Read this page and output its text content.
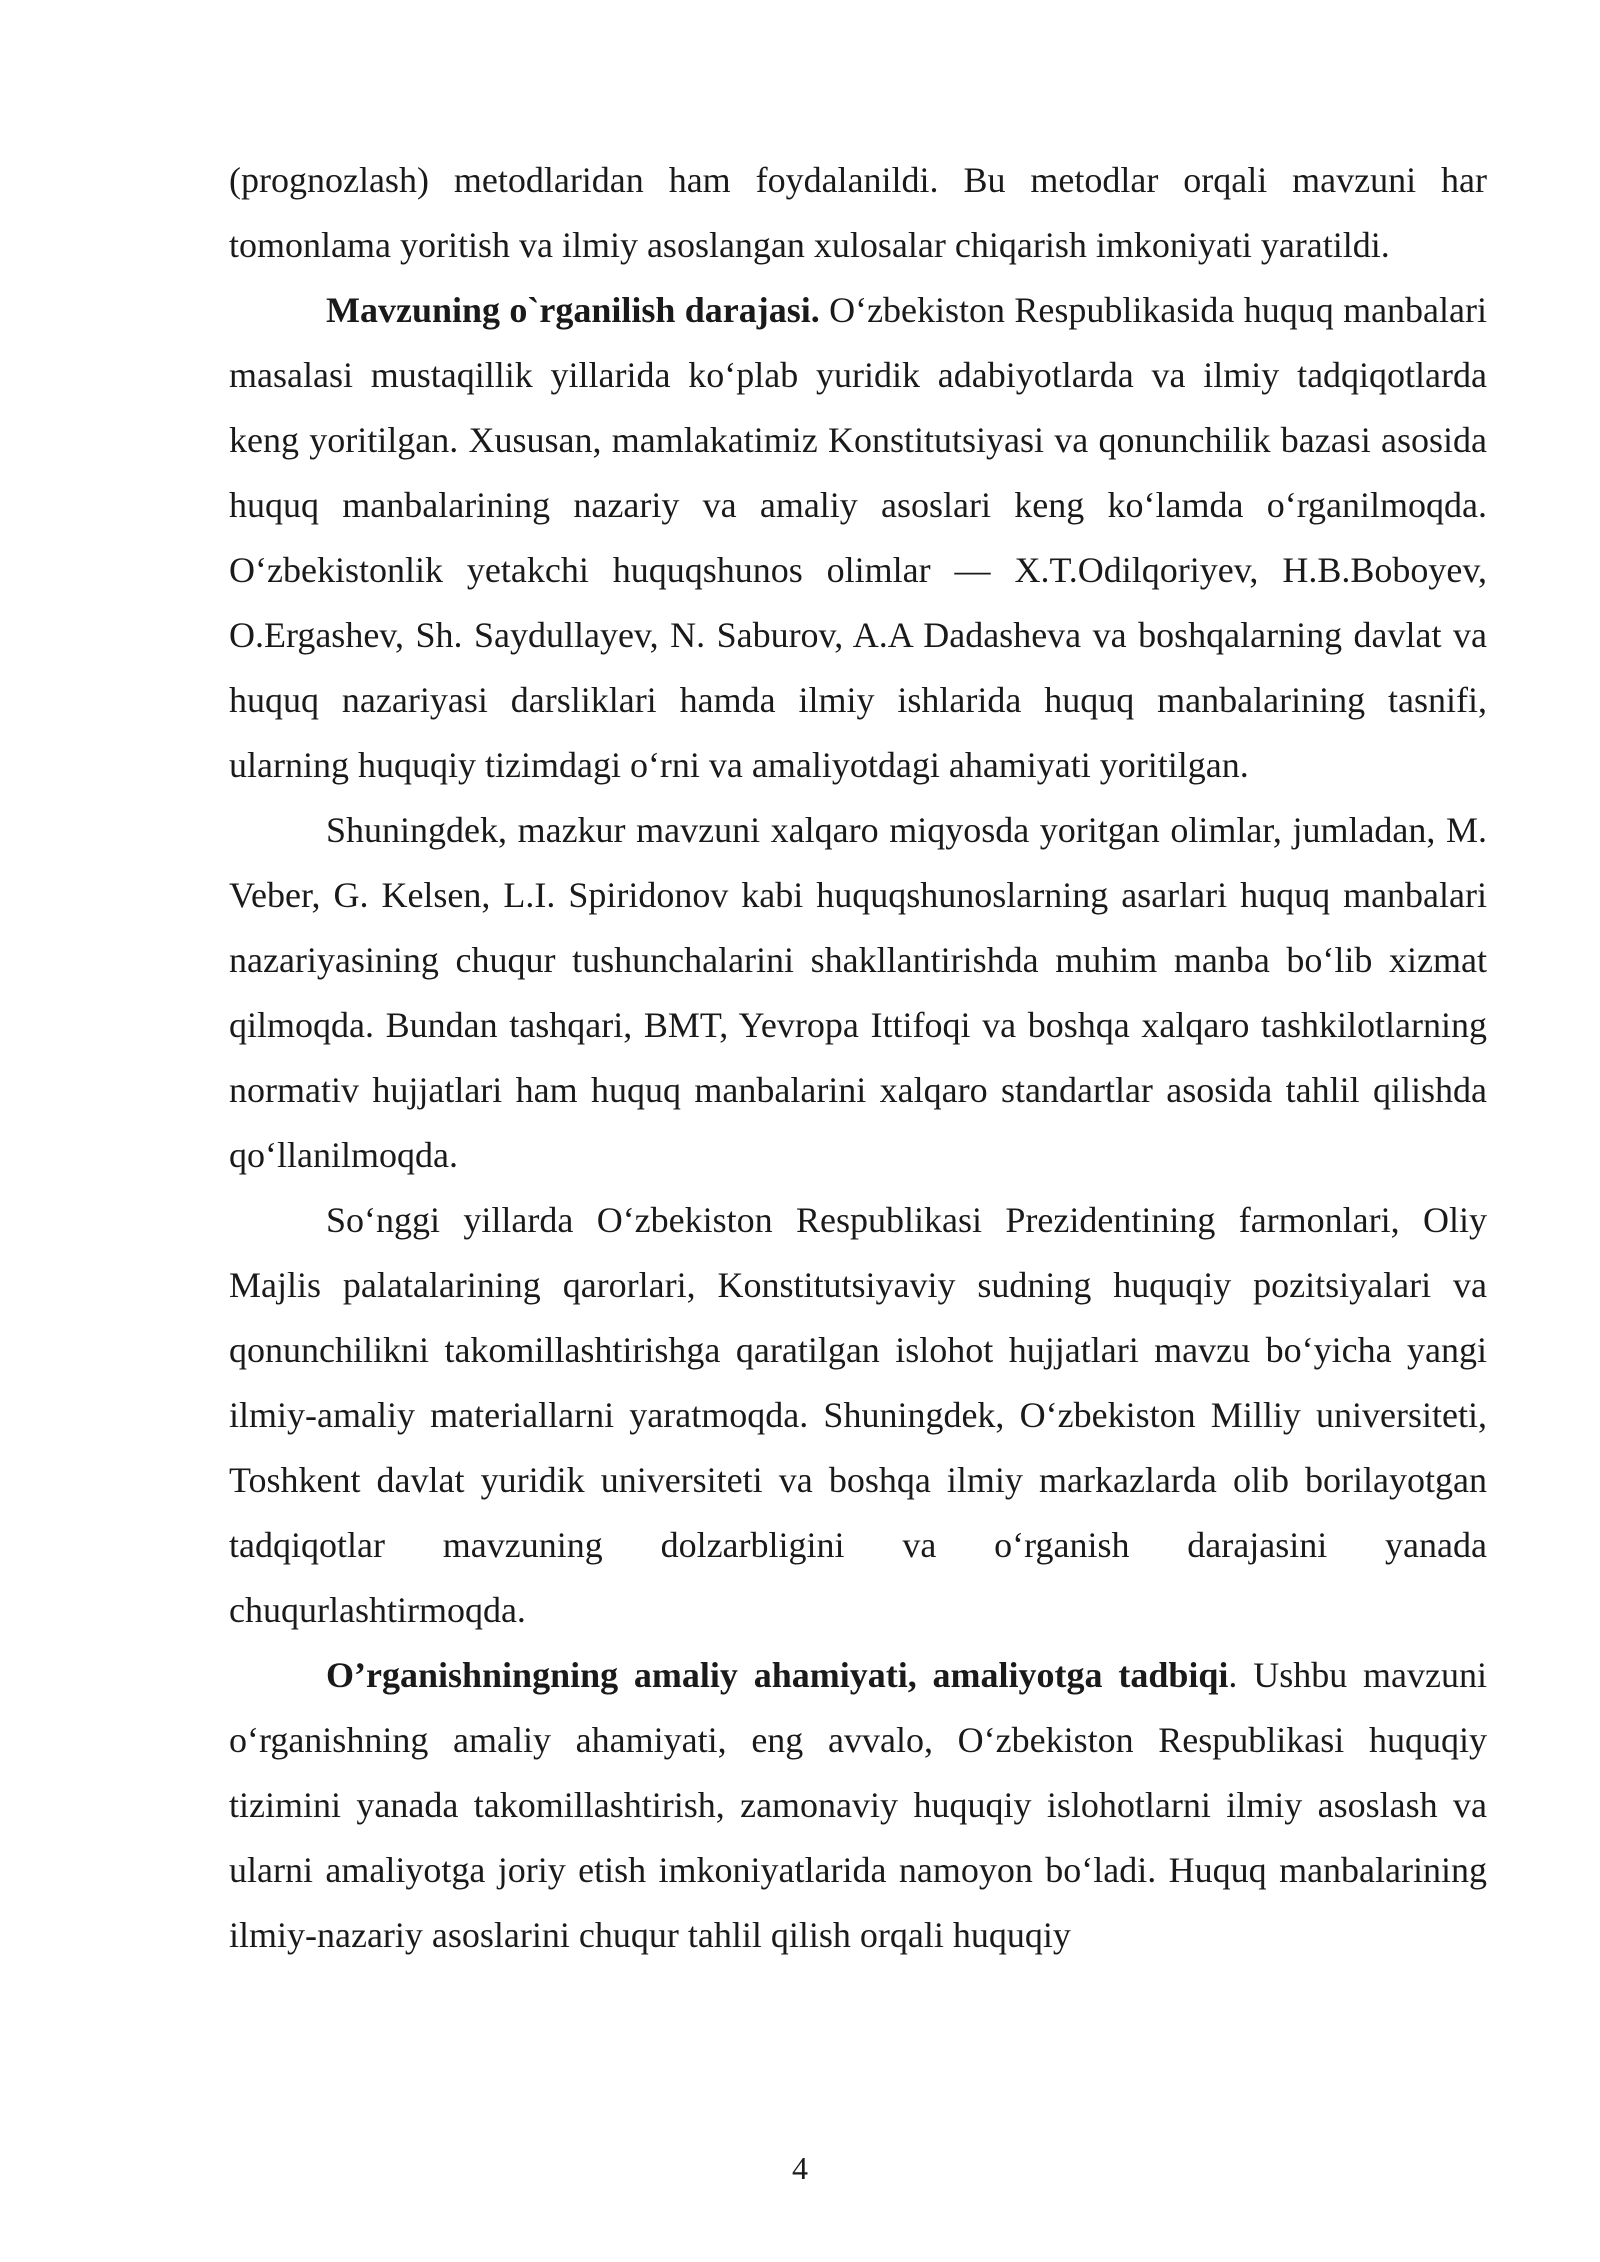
(prognozlash) metodlaridan ham foydalanildi. Bu metodlar orqali mavzuni har tomonlama yoritish va ilmiy asoslangan xulosalar chiqarish imkoniyati yaratildi.

Mavzuning o`rganilish darajasi. O‘zbekiston Respublikasida huquq manbalari masalasi mustaqillik yillarida ko‘plab yuridik adabiyotlarda va ilmiy tadqiqotlarda keng yoritilgan. Xususan, mamlakatimiz Konstitutsiyasi va qonunchilik bazasi asosida huquq manbalarining nazariy va amaliy asoslari keng ko‘lamda o‘rganilmoqda. O‘zbekistonlik yetakchi huquqshunos olimlar — X.T.Odilqoriyev, H.B.Boboyev, O.Ergashev, Sh. Saydullayev, N. Saburov, A.A Dadasheva va boshqalarning davlat va huquq nazariyasi darsliklari hamda ilmiy ishlarida huquq manbalarining tasnifi, ularning huquqiy tizimdagi o‘rni va amaliyotdagi ahamiyati yoritilgan.

Shuningdek, mazkur mavzuni xalqaro miqyosda yoritgan olimlar, jumladan, M. Veber, G. Kelsen, L.I. Spiridonov kabi huquqshunoslarning asarlari huquq manbalari nazariyasining chuqur tushunchalarini shakllantirishda muhim manba bo‘lib xizmat qilmoqda. Bundan tashqari, BMT, Yevropa Ittifoqi va boshqa xalqaro tashkilotlarning normativ hujjatlari ham huquq manbalarini xalqaro standartlar asosida tahlil qilishda qo‘llanilmoqda.

So‘nggi yillarda O‘zbekiston Respublikasi Prezidentining farmonlari, Oliy Majlis palatalarining qarorlari, Konstitutsiyaviy sudning huquqiy pozitsiyalari va qonunchilikni takomillashtirishga qaratilgan islohot hujjatlari mavzu bo‘yicha yangi ilmiy-amaliy materiallarni yaratmoqda. Shuningdek, O‘zbekiston Milliy universiteti, Toshkent davlat yuridik universiteti va boshqa ilmiy markazlarda olib borilayotgan tadqiqotlar mavzuning dolzarbligini va o‘rganish darajasini yanada chuqurlashtirmoqda.

O’rganishningning amaliy ahamiyati, amaliyotga tadbiqi. Ushbu mavzuni o‘rganishning amaliy ahamiyati, eng avvalo, O‘zbekiston Respublikasi huquqiy tizimini yanada takomillashtirish, zamonaviy huquqiy islohotlarni ilmiy asoslash va ularni amaliyotga joriy etish imkoniyatlarida namoyon bo‘ladi. Huquq manbalarining ilmiy-nazariy asoslarini chuqur tahlil qilish orqali huquqiy

4
